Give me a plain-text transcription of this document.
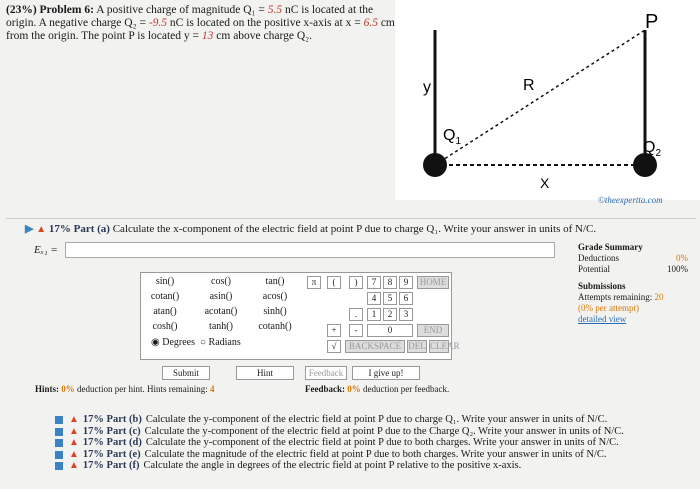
(23%) Problem 6: A positive charge of magnitude Q₁ = 5.5 nC is located at the
origin. A negative charge Q₂ = -9.5 nC is located on the positive x-axis at x = 6.5 cm
from the origin. The point P is located y = 13 cm above charge Q₂.
P
y	R
$Q_1$	$Q_2$
X
©theexpertta.com
▶ ▲ 17% Part (a) Calculate the x-component of the electric field at point P due to charge Q₁. Write your answer in units of N/C.
Eₓ₁ =	Grade Summary
Deductions	0%
Potential	100%
Submissions
Attempts remaining: 20
(0% per attempt)
detailed view
sin()	cos()	tan()
cotan()	asin()	acos()
atan()	acotan()	sinh()
cosh()	tanh()	cotanh()
◉ Degrees ○ Radians
π	(	)	7	8	9	HOME
4	5	6
.	1	2	3
+	-	0	END
√	BACKSPACE DEL CLEAR
Submit	Hint	Feedback	I give up!
Hints: 0% deduction per hint. Hints remaining: 4	Feedback: 0% deduction per feedback.
▲ 17% Part (b) Calculate the y-component of the electric field at point P due to charge Q₁. Write your answer in units of N/C.
▲ 17% Part (c) Calculate the y-component of the electric field at point P due to the Charge Q₂. Write your answer in units of N/C.
▲ 17% Part (d) Calculate the y-component of the electric field at point P due to both charges. Write your answer in units of N/C.
▲ 17% Part (e) Calculate the magnitude of the electric field at point P due to both charges. Write your answer in units of N/C.
▲ 17% Part (f) Calculate the angle in degrees of the electric field at point P relative to the positive x-axis.
